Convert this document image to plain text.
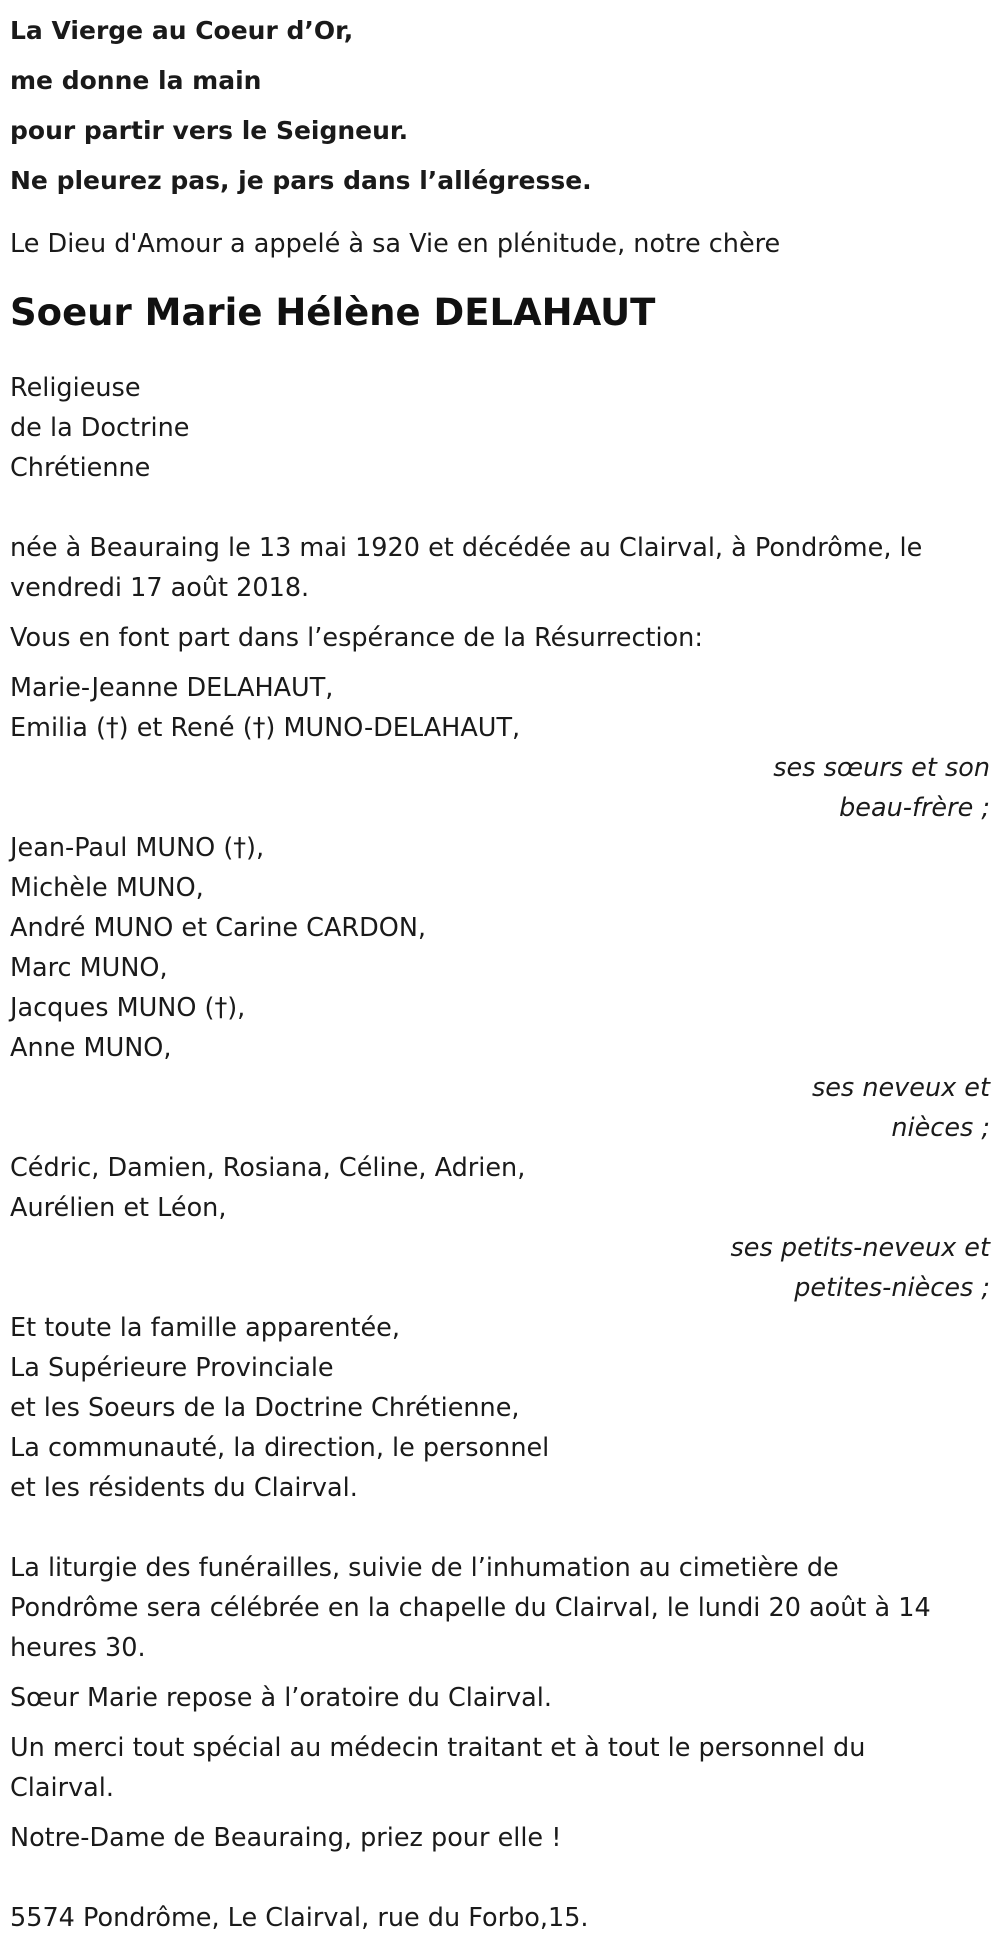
La Vierge au Coeur d’Or,

me donne la main

pour partir vers le Seigneur.

Ne pleurez pas, je pars dans l’allégresse.

Le Dieu d'Amour a appelé à sa Vie en plénitude, notre chère

Soeur Marie Hélène DELAHAUT
Religieuse
de la Doctrine
Chrétienne
née à Beauraing le 13 mai 1920 et décédée au Clairval, à Pondrôme, le
vendredi 17 août 2018.

Vous en font part dans l’espérance de la Résurrection:

Marie-Jeanne DELAHAUT,
Emilia (†) et René (†) MUNO-DELAHAUT,
ses sœurs et son
beau-frère ;
Jean-Paul MUNO (†),
Michèle MUNO,
André MUNO et Carine CARDON,
Marc MUNO,
Jacques MUNO (†),
Anne MUNO,
ses neveux et
nièces ;
Cédric, Damien, Rosiana, Céline, Adrien,
Aurélien et Léon,
ses petits-neveux et
petites-nièces ;
Et toute la famille apparentée,
La Supérieure Provinciale
et les Soeurs de la Doctrine Chrétienne,
La communauté, la direction, le personnel
et les résidents du Clairval.
La liturgie des funérailles, suivie de l’inhumation au cimetière de
Pondrôme sera célébrée en la chapelle du Clairval, le lundi 20 août à 14
heures 30.

Sœur Marie repose à l’oratoire du Clairval.

Un merci tout spécial au médecin traitant et à tout le personnel du
Clairval.

Notre-Dame de Beauraing, priez pour elle !

5574 Pondrôme, Le Clairval, rue du Forbo,15.
